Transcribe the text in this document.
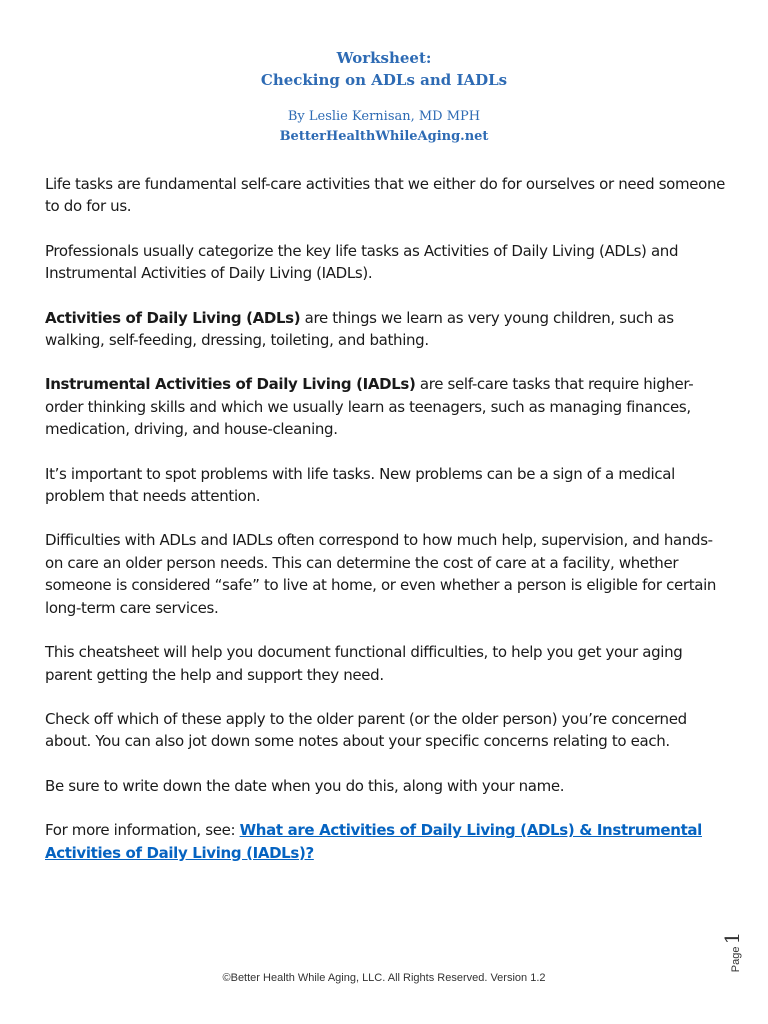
Worksheet:
Checking on ADLs and IADLs
By Leslie Kernisan, MD MPH
BetterHealthWhileAging.net

Life tasks are fundamental self-care activities that we either do for ourselves or need someone to do for us.

Professionals usually categorize the key life tasks as Activities of Daily Living (ADLs) and Instrumental Activities of Daily Living (IADLs).

Activities of Daily Living (ADLs) are things we learn as very young children, such as walking, self-feeding, dressing, toileting, and bathing.

Instrumental Activities of Daily Living (IADLs) are self-care tasks that require higher-order thinking skills and which we usually learn as teenagers, such as managing finances, medication, driving, and house-cleaning.

It’s important to spot problems with life tasks. New problems can be a sign of a medical problem that needs attention.

Difficulties with ADLs and IADLs often correspond to how much help, supervision, and hands-on care an older person needs. This can determine the cost of care at a facility, whether someone is considered “safe” to live at home, or even whether a person is eligible for certain long-term care services.

This cheatsheet will help you document functional difficulties, to help you get your aging parent getting the help and support they need.

Check off which of these apply to the older parent (or the older person) you’re concerned about. You can also jot down some notes about your specific concerns relating to each.

Be sure to write down the date when you do this, along with your name.

For more information, see: What are Activities of Daily Living (ADLs) & Instrumental Activities of Daily Living (IADLs)?

Page
1
©Better Health While Aging, LLC. All Rights Reserved. Version 1.2
